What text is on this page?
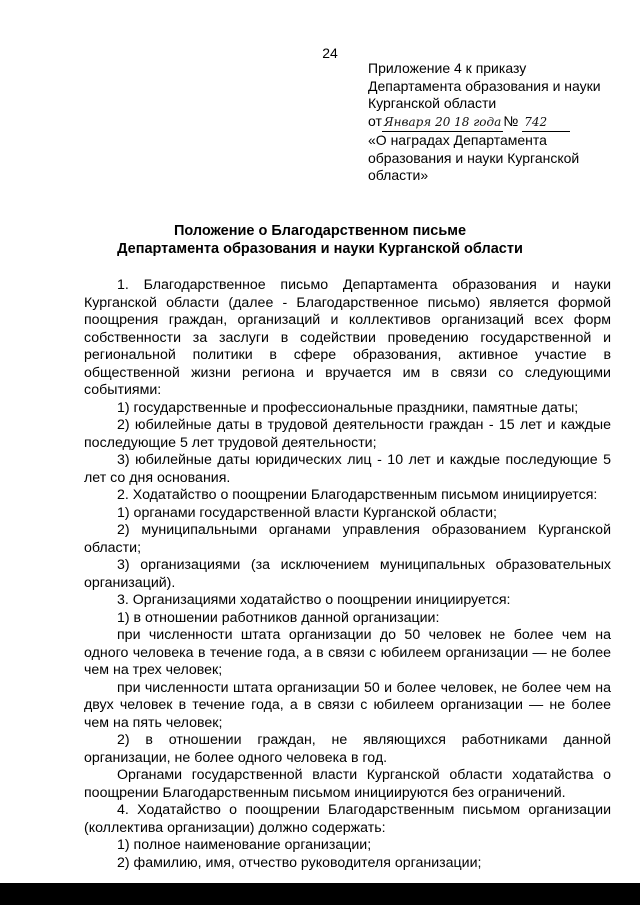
24
Приложение 4 к приказу
Департамента образования и науки
Курганской области
от Января 20 18 года № 742
«О наградах Департамента
образования и науки Курганской
области»
Положение о Благодарственном письме
Департамента образования и науки Курганской области

1. Благодарственное письмо Департамента образования и науки Курганской области (далее - Благодарственное письмо) является формой поощрения граждан, организаций и коллективов организаций всех форм собственности за заслуги в содействии проведению государственной и региональной политики в сфере образования, активное участие в общественной жизни региона и вручается им в связи со следующими событиями:

1) государственные и профессиональные праздники, памятные даты;

2) юбилейные даты в трудовой деятельности граждан - 15 лет и каждые последующие 5 лет трудовой деятельности;

3) юбилейные даты юридических лиц - 10 лет и каждые последующие 5 лет со дня основания.

2. Ходатайство о поощрении Благодарственным письмом инициируется:

1) органами государственной власти Курганской области;

2) муниципальными органами управления образованием Курганской области;

3) организациями (за исключением муниципальных образовательных организаций).

3. Организациями ходатайство о поощрении инициируется:

1) в отношении работников данной организации:

при численности штата организации до 50 человек не более чем на одного человека в течение года, а в связи с юбилеем организации — не более чем на трех человек;

при численности штата организации 50 и более человек, не более чем на двух человек в течение года, а в связи с юбилеем организации — не более чем на пять человек;

2) в отношении граждан, не являющихся работниками данной организации, не более одного человека в год.

Органами государственной власти Курганской области ходатайства о поощрении Благодарственным письмом инициируются без ограничений.

4. Ходатайство о поощрении Благодарственным письмом организации (коллектива организации) должно содержать:

1) полное наименование организации;

2) фамилию, имя, отчество руководителя организации;
